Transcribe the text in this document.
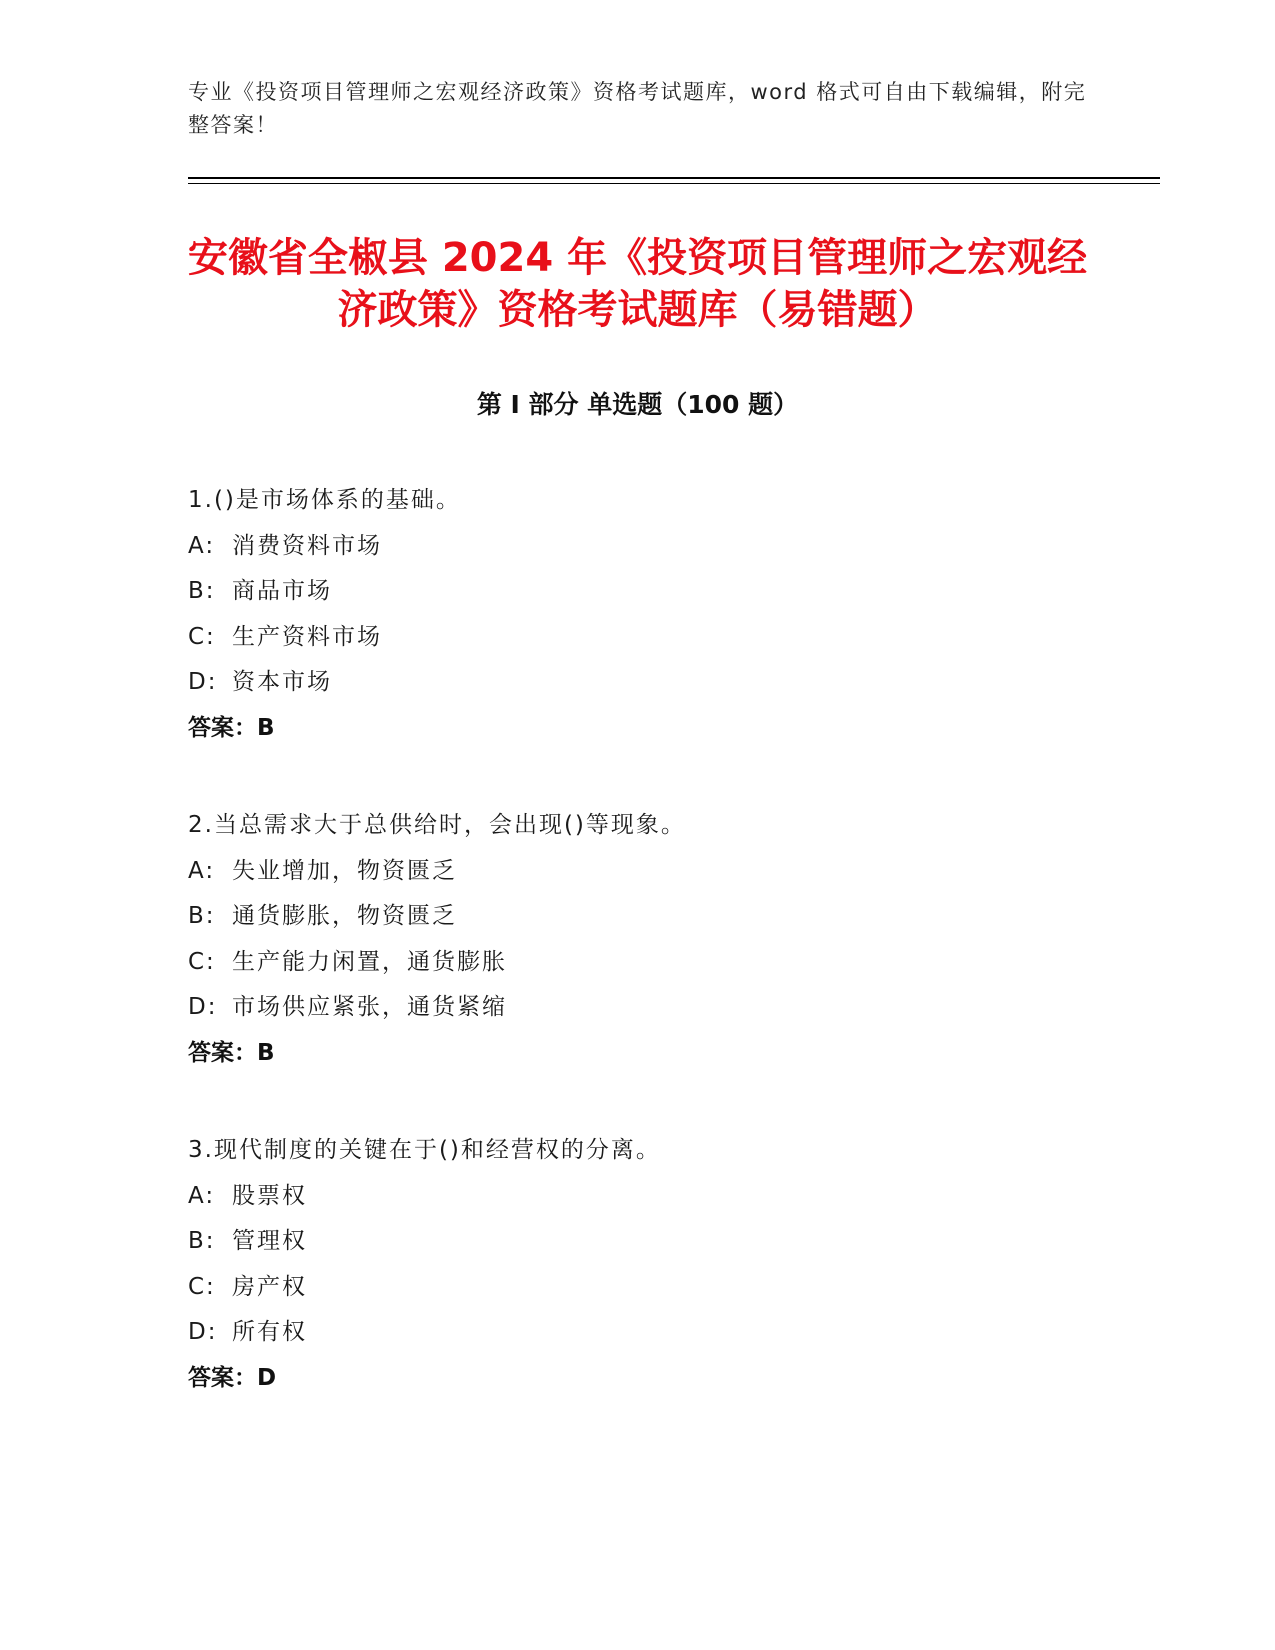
专业《投资项目管理师之宏观经济政策》资格考试题库，word 格式可自由下载编辑，附完整答案！
安徽省全椒县 2024 年《投资项目管理师之宏观经济政策》资格考试题库（易错题）
第 I 部分 单选题（100 题）
1.()是市场体系的基础。
A: 消费资料市场
B: 商品市场
C: 生产资料市场
D: 资本市场
答案：B
2.当总需求大于总供给时，会出现()等现象。
A: 失业增加，物资匮乏
B: 通货膨胀，物资匮乏
C: 生产能力闲置，通货膨胀
D: 市场供应紧张，通货紧缩
答案：B
3.现代制度的关键在于()和经营权的分离。
A: 股票权
B: 管理权
C: 房产权
D: 所有权
答案：D
